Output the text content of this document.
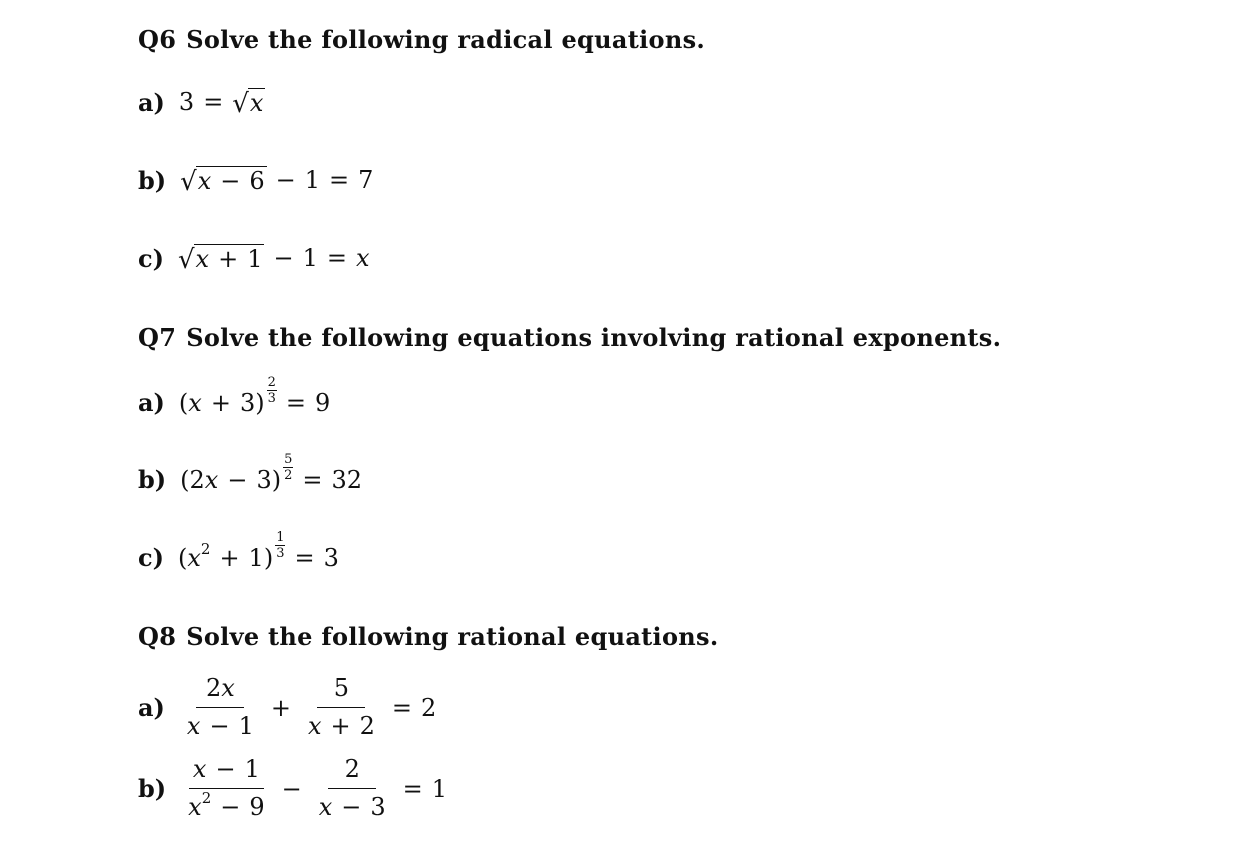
Q6 Solve the following radical equations.
a) 3 = √ x
b) √ x − 6 − 1 = 7
c) √ x + 1 − 1 = x
Q7 Solve the following equations involving rational exponents.
a) ( $x + 3) \frac{2}{3} = 9$
b) (2 $x - 3) \frac{5}{2} = 32$
c) ( x $2 + 1) \frac{1}{3} = 3$
Q8 Solve the following rational equations.
$a) \frac{2 x}{x - 1} + \frac{5}{x + 2} = 2$
$b) \frac{x - 1}{x 2 - 9} - \frac{2}{x - 3} = 1$
